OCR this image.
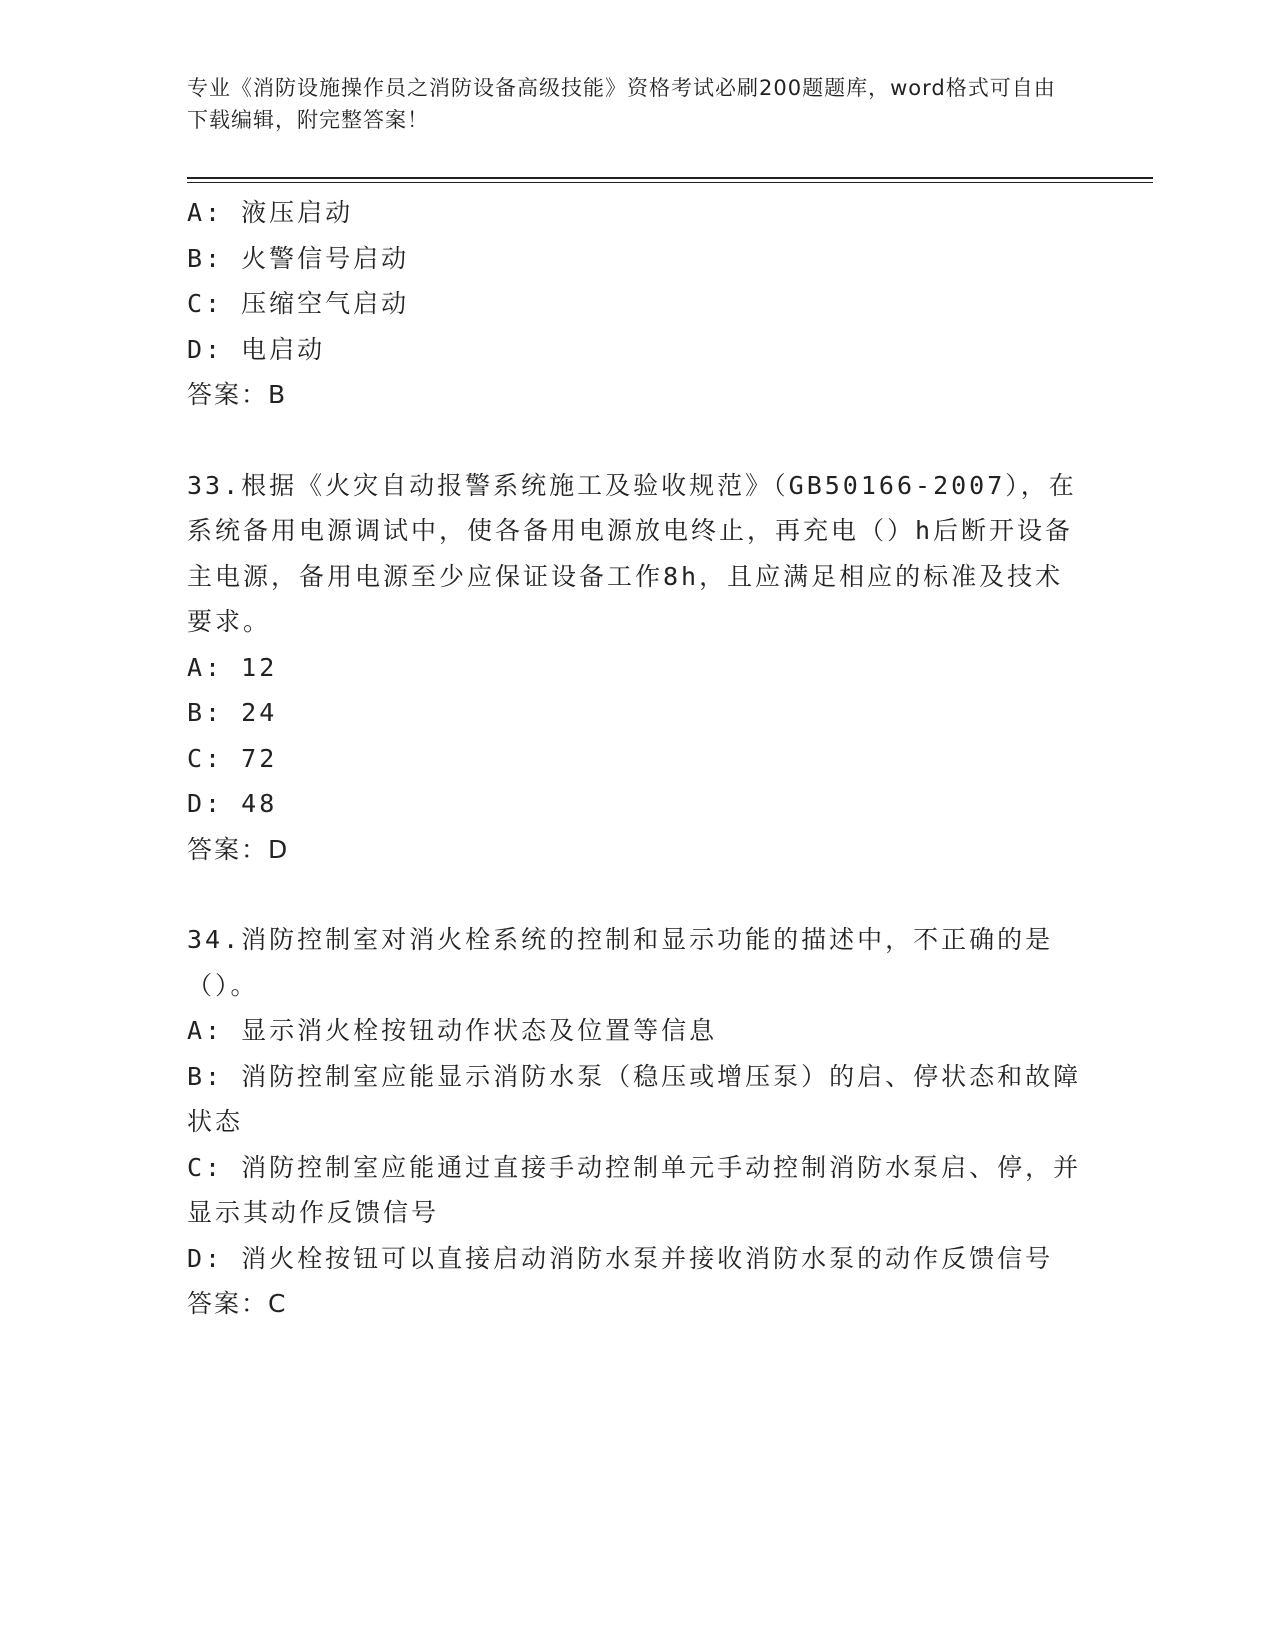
专业《消防设施操作员之消防设备高级技能》资格考试必刷200题题库，word格式可自由下载编辑，附完整答案！
A: 液压启动
B: 火警信号启动
C: 压缩空气启动
D: 电启动
答案：B
33.根据《火灾自动报警系统施工及验收规范》（GB50166-2007），在系统备用电源调试中，使各备用电源放电终止，再充电（）h后断开设备主电源，备用电源至少应保证设备工作8h，且应满足相应的标准及技术要求。
A: 12
B: 24
C: 72
D: 48
答案：D
34.消防控制室对消火栓系统的控制和显示功能的描述中，不正确的是（）。
A: 显示消火栓按钮动作状态及位置等信息
B: 消防控制室应能显示消防水泵（稳压或增压泵）的启、停状态和故障状态
C: 消防控制室应能通过直接手动控制单元手动控制消防水泵启、停，并显示其动作反馈信号
D: 消火栓按钮可以直接启动消防水泵并接收消防水泵的动作反馈信号
答案：C
